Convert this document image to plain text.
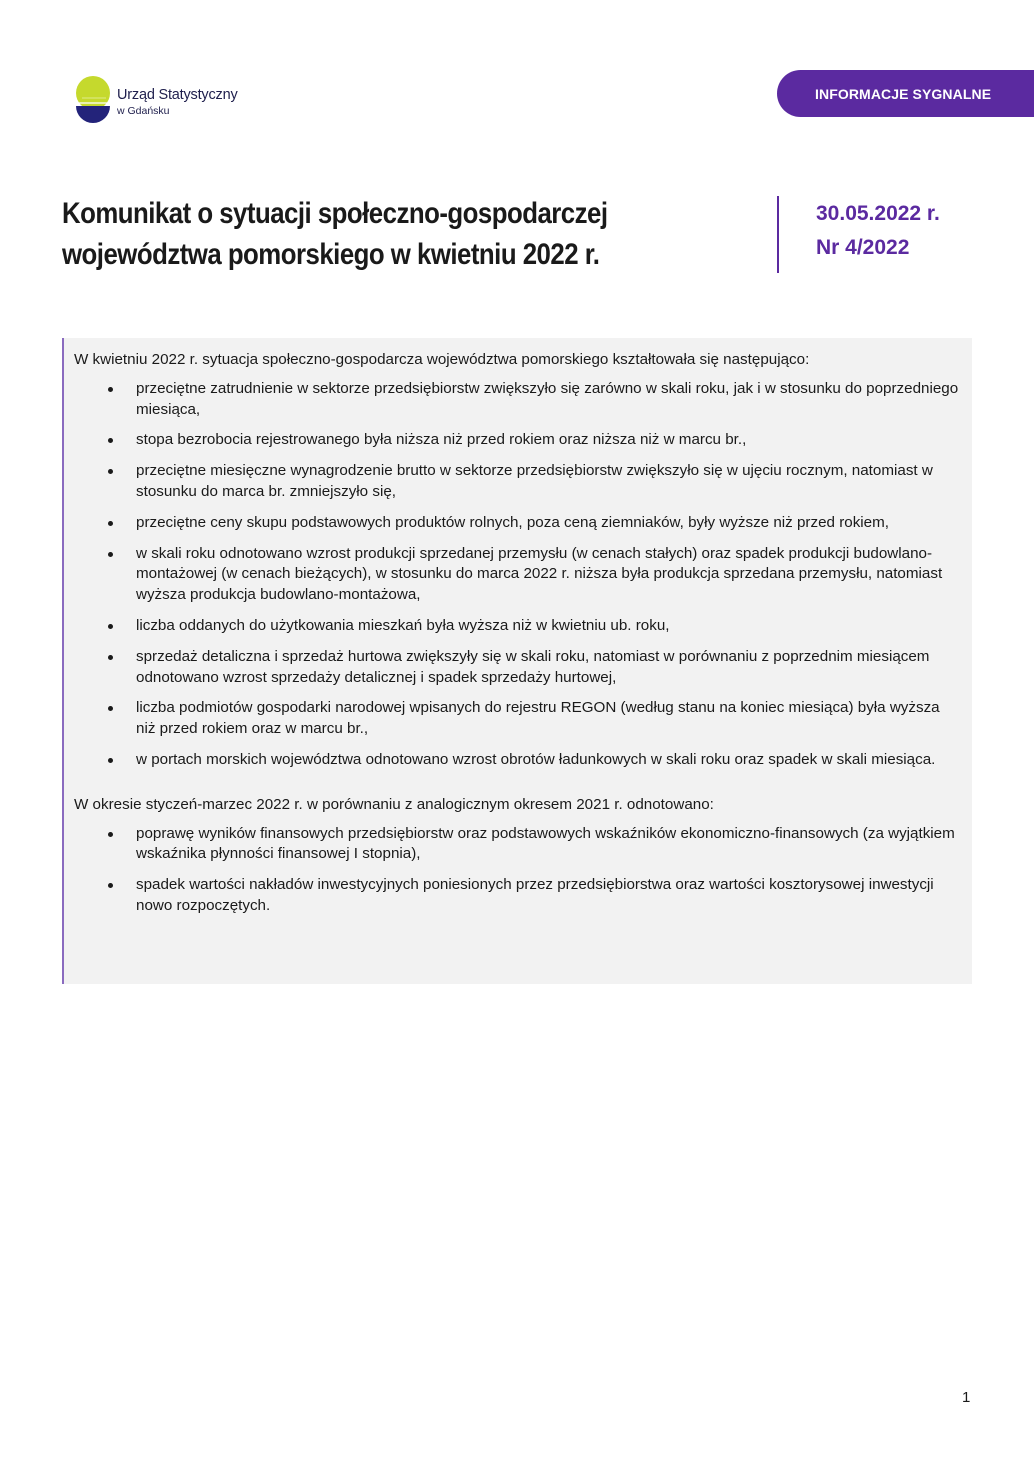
Urząd Statystyczny
w Gdańsku
INFORMACJE SYGNALNE
Komunikat o sytuacji społeczno-gospodarczej
województwa pomorskiego w kwietniu 2022 r.
30.05.2022 r.
Nr 4/2022

W kwietniu 2022 r. sytuacja społeczno-gospodarcza województwa pomorskiego kształtowała się następująco:

przeciętne zatrudnienie w sektorze przedsiębiorstw zwiększyło się zarówno w skali roku, jak i w stosunku do poprzedniego miesiąca,
stopa bezrobocia rejestrowanego była niższa niż przed rokiem oraz niższa niż w marcu br.,
przeciętne miesięczne wynagrodzenie brutto w sektorze przedsiębiorstw zwiększyło się w ujęciu rocznym, natomiast w stosunku do marca br. zmniejszyło się,
przeciętne ceny skupu podstawowych produktów rolnych, poza ceną ziemniaków, były wyższe niż przed rokiem,
w skali roku odnotowano wzrost produkcji sprzedanej przemysłu (w cenach stałych) oraz spadek produkcji budowlano-montażowej (w cenach bieżących), w stosunku do marca 2022 r. niższa była produkcja sprzedana przemysłu, natomiast wyższa produkcja budowlano-montażowa,
liczba oddanych do użytkowania mieszkań była wyższa niż w kwietniu ub. roku,
sprzedaż detaliczna i sprzedaż hurtowa zwiększyły się w skali roku, natomiast w porównaniu z poprzednim miesiącem odnotowano wzrost sprzedaży detalicznej i spadek sprzedaży hurtowej,
liczba podmiotów gospodarki narodowej wpisanych do rejestru REGON (według stanu na koniec miesiąca) była wyższa niż przed rokiem oraz w marcu br.,
w portach morskich województwa odnotowano wzrost obrotów ładunkowych w skali roku oraz spadek w skali miesiąca.

W okresie styczeń-marzec 2022 r. w porównaniu z analogicznym okresem 2021 r. odnotowano:

poprawę wyników finansowych przedsiębiorstw oraz podstawowych wskaźników ekonomiczno-finansowych (za wyjątkiem wskaźnika płynności finansowej I stopnia),
spadek wartości nakładów inwestycyjnych poniesionych przez przedsiębiorstwa oraz wartości kosztorysowej inwestycji nowo rozpoczętych.
1
